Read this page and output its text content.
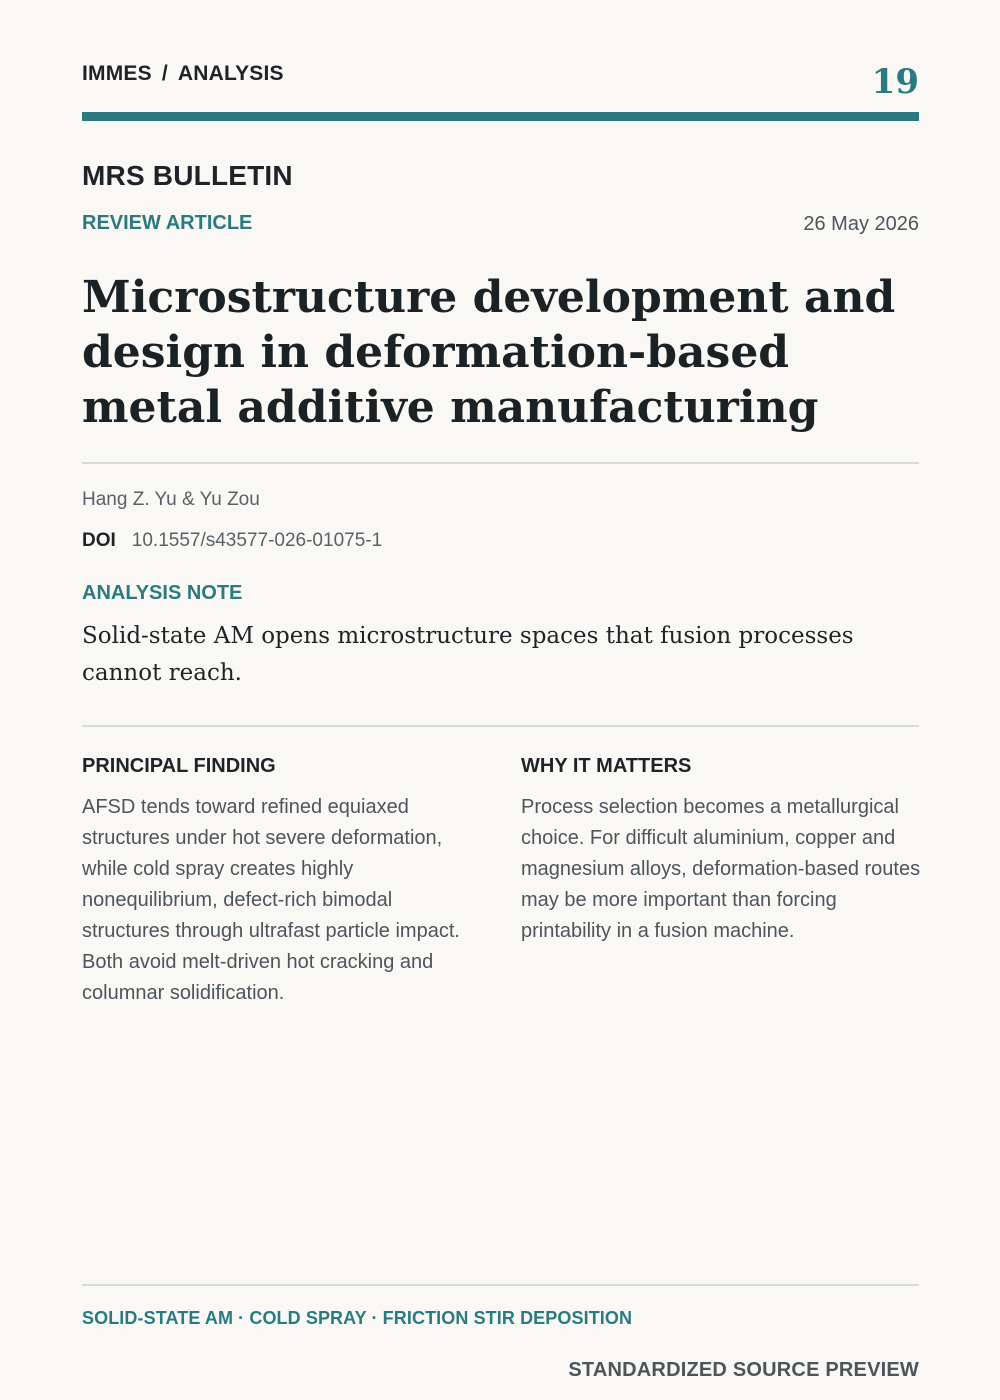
IMMES / ANALYSIS	19
MRS BULLETIN
REVIEW ARTICLE	26 May 2026
Microstructure development and design in deformation-based metal additive manufacturing
Hang Z. Yu & Yu Zou
DOI 10.1557/s43577-026-01075-1
ANALYSIS NOTE

Solid-state AM opens microstructure spaces that fusion processes cannot reach.

PRINCIPAL FINDING

AFSD tends toward refined equiaxed structures under hot severe deformation, while cold spray creates highly nonequilibrium, defect-rich bimodal structures through ultrafast particle impact. Both avoid melt-driven hot cracking and columnar solidification.

WHY IT MATTERS

Process selection becomes a metallurgical choice. For difficult aluminium, copper and magnesium alloys, deformation-based routes may be more important than forcing printability in a fusion machine.

SOLID-STATE AM · COLD SPRAY · FRICTION STIR DEPOSITION
STANDARDIZED SOURCE PREVIEW
